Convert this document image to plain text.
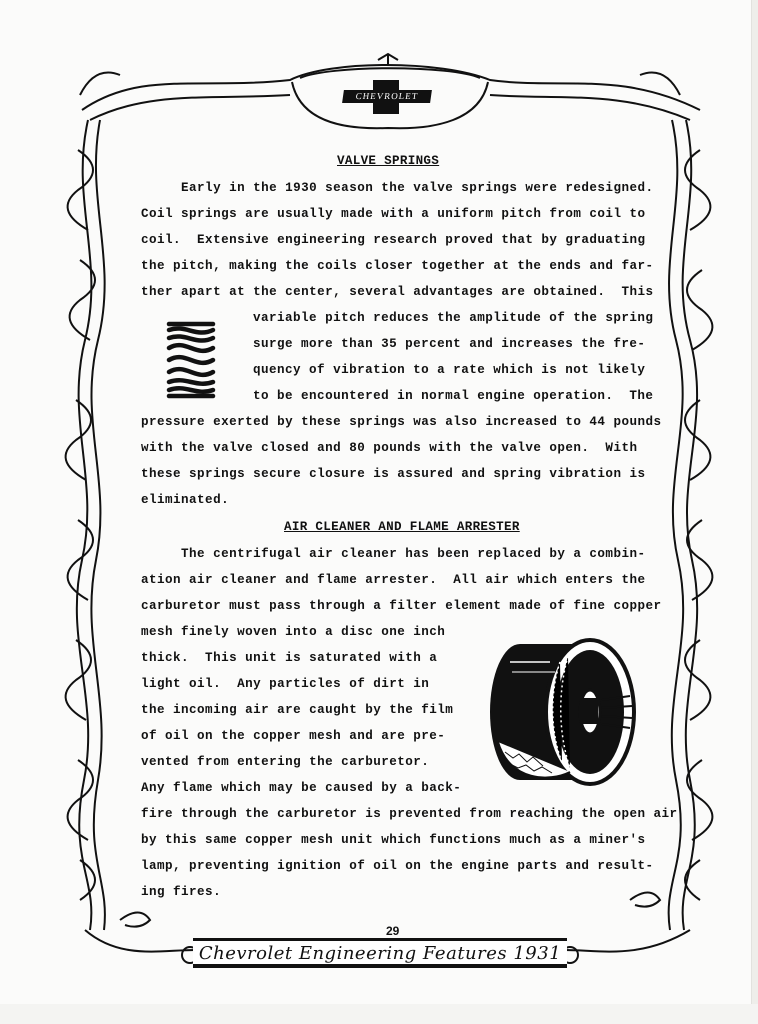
CHEVROLET
VALVE SPRINGS
Early in the 1930 season the valve springs were redesigned.
Coil springs are usually made with a uniform pitch from coil to
coil.  Extensive engineering research proved that by graduating
the pitch, making the coils closer together at the ends and far-
ther apart at the center, several advantages are obtained.  This
variable pitch reduces the amplitude of the spring
surge more than 35 percent and increases the fre-
quency of vibration to a rate which is not likely
to be encountered in normal engine operation.  The
pressure exerted by these springs was also increased to 44 pounds
with the valve closed and 80 pounds with the valve open.  With
these springs secure closure is assured and spring vibration is
eliminated.
AIR CLEANER AND FLAME ARRESTER
The centrifugal air cleaner has been replaced by a combin-
ation air cleaner and flame arrester.  All air which enters the
carburetor must pass through a filter element made of fine copper
mesh finely woven into a disc one inch
thick.  This unit is saturated with a
light oil.  Any particles of dirt in
the incoming air are caught by the film
of oil on the copper mesh and are pre-
vented from entering the carburetor.
Any flame which may be caused by a back-
fire through the carburetor is prevented from reaching the open air
by this same copper mesh unit which functions much as a miner's
lamp, preventing ignition of oil on the engine parts and result-
ing fires.
29
Chevrolet Engineering Features 1931
